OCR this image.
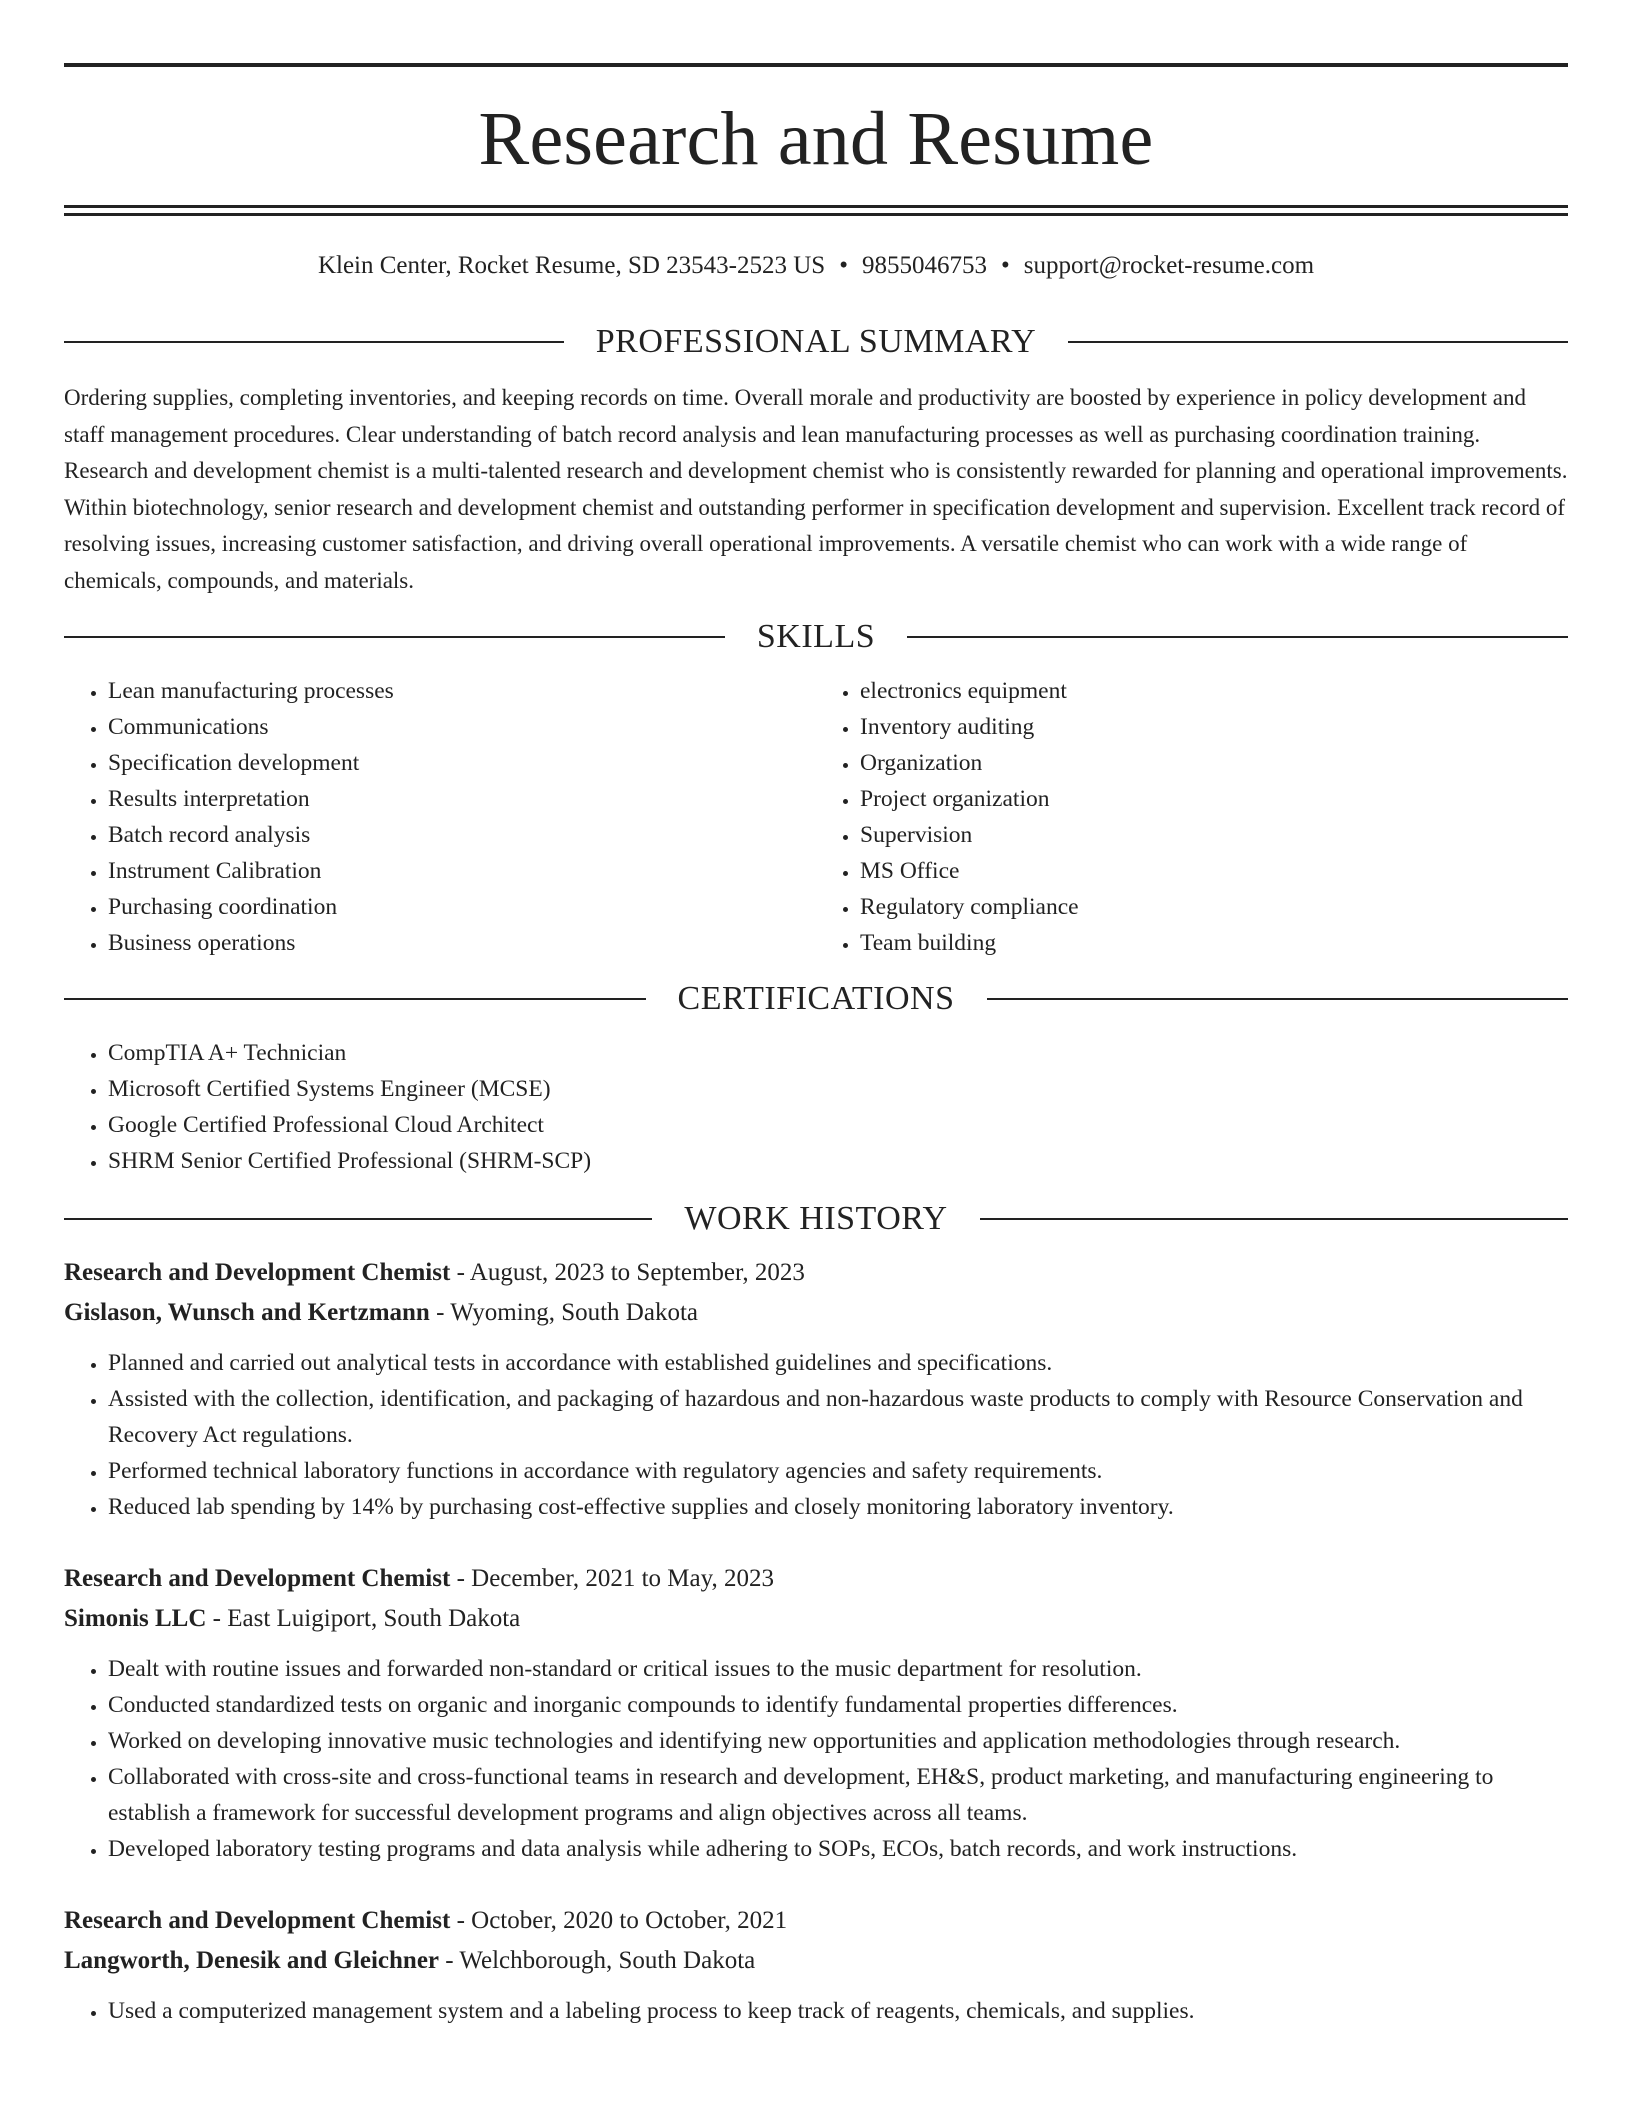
Research and Resume
Klein Center, Rocket Resume, SD 23543-2523 US • 9855046753 • support@rocket-resume.com
PROFESSIONAL SUMMARY

Ordering supplies, completing inventories, and keeping records on time. Overall morale and productivity are boosted by experience in policy development and staff management procedures. Clear understanding of batch record analysis and lean manufacturing processes as well as purchasing coordination training. Research and development chemist is a multi-talented research and development chemist who is consistently rewarded for planning and operational improvements. Within biotechnology, senior research and development chemist and outstanding performer in specification development and supervision. Excellent track record of resolving issues, increasing customer satisfaction, and driving overall operational improvements. A versatile chemist who can work with a wide range of chemicals, compounds, and materials.

SKILLS
• Lean manufacturing processes
• Communications
• Specification development
• Results interpretation
• Batch record analysis
• Instrument Calibration
• Purchasing coordination
• Business operations
• electronics equipment
• Inventory auditing
• Organization
• Project organization
• Supervision
• MS Office
• Regulatory compliance
• Team building
CERTIFICATIONS
• CompTIA A+ Technician
• Microsoft Certified Systems Engineer (MCSE)
• Google Certified Professional Cloud Architect
• SHRM Senior Certified Professional (SHRM-SCP)
WORK HISTORY
Research and Development Chemist - August, 2023 to September, 2023
Gislason, Wunsch and Kertzmann - Wyoming, South Dakota
• Planned and carried out analytical tests in accordance with established guidelines and specifications.
• Assisted with the collection, identification, and packaging of hazardous and non-hazardous waste products to comply with Resource Conservation and Recovery Act regulations.
• Performed technical laboratory functions in accordance with regulatory agencies and safety requirements.
• Reduced lab spending by 14% by purchasing cost-effective supplies and closely monitoring laboratory inventory.
Research and Development Chemist - December, 2021 to May, 2023
Simonis LLC - East Luigiport, South Dakota
• Dealt with routine issues and forwarded non-standard or critical issues to the music department for resolution.
• Conducted standardized tests on organic and inorganic compounds to identify fundamental properties differences.
• Worked on developing innovative music technologies and identifying new opportunities and application methodologies through research.
• Collaborated with cross-site and cross-functional teams in research and development, EH&S, product marketing, and manufacturing engineering to establish a framework for successful development programs and align objectives across all teams.
• Developed laboratory testing programs and data analysis while adhering to SOPs, ECOs, batch records, and work instructions.
Research and Development Chemist - October, 2020 to October, 2021
Langworth, Denesik and Gleichner - Welchborough, South Dakota
• Used a computerized management system and a labeling process to keep track of reagents, chemicals, and supplies.
